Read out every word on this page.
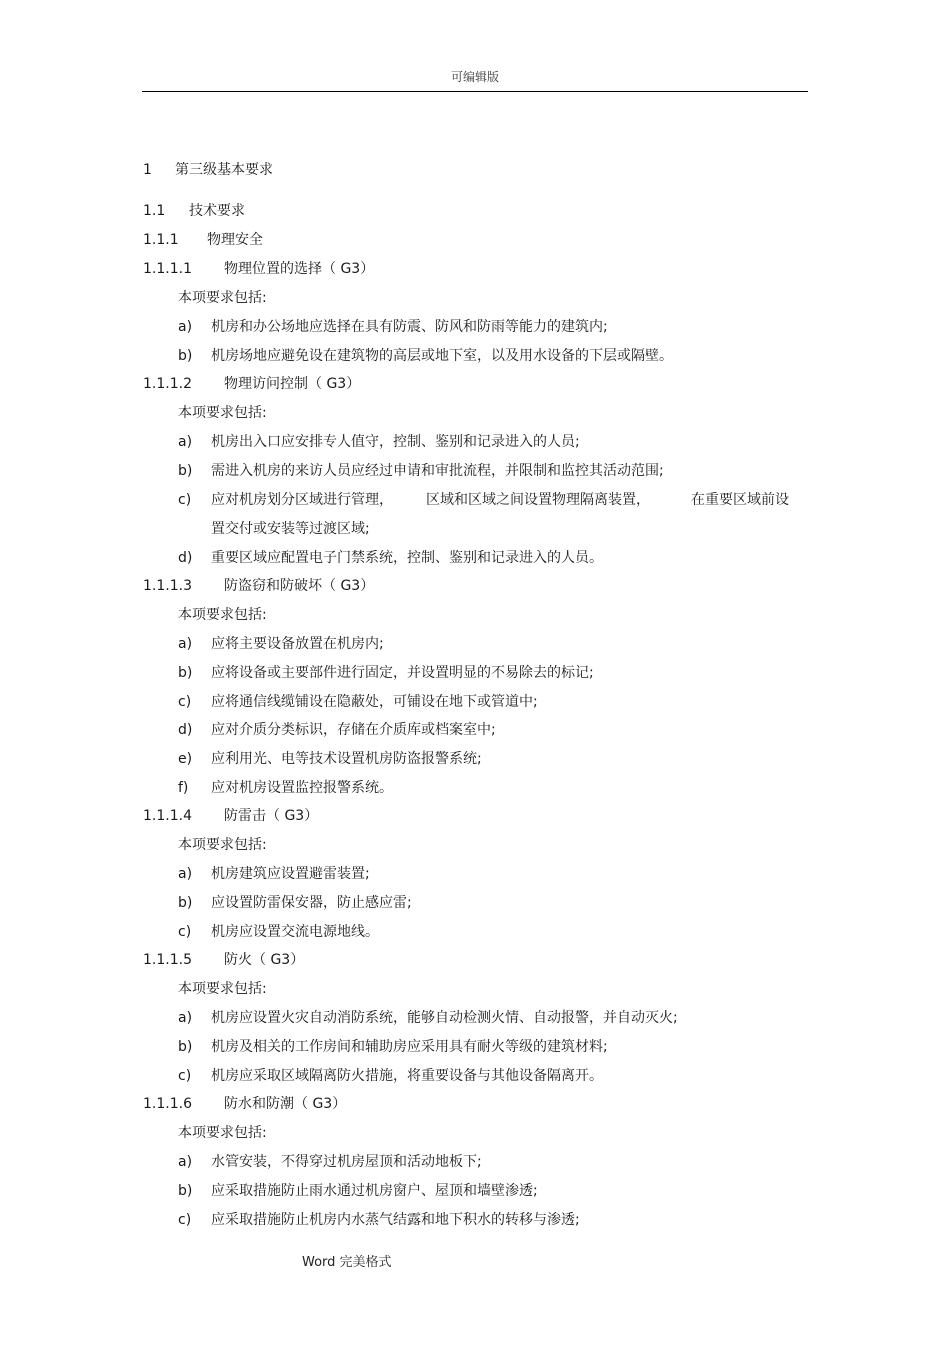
可编辑版
1 第三级基本要求
1.1 技术要求
1.1.1 物理安全
1.1.1.1 物理位置的选择（ G3）
本项要求包括:
a) 机房和办公场地应选择在具有防震、防风和防雨等能力的建筑内;
b) 机房场地应避免设在建筑物的高层或地下室，以及用水设备的下层或隔壁。
1.1.1.2 物理访问控制（ G3）
本项要求包括:
a) 机房出入口应安排专人值守，控制、鉴别和记录进入的人员;
b) 需进入机房的来访人员应经过申请和审批流程，并限制和监控其活动范围;
c) 应对机房划分区域进行管理， 区域和区域之间设置物理隔离装置，	在重要区域前设
置交付或安装等过渡区域;
d) 重要区域应配置电子门禁系统，控制、鉴别和记录进入的人员。
1.1.1.3 防盗窃和防破坏（ G3）
本项要求包括:
a) 应将主要设备放置在机房内;
b) 应将设备或主要部件进行固定，并设置明显的不易除去的标记;
c) 应将通信线缆铺设在隐蔽处，可铺设在地下或管道中;
d) 应对介质分类标识，存储在介质库或档案室中;
e) 应利用光、电等技术设置机房防盗报警系统;
f) 应对机房设置监控报警系统。
1.1.1.4 防雷击（ G3）
本项要求包括:
a) 机房建筑应设置避雷装置;
b) 应设置防雷保安器，防止感应雷;
c) 机房应设置交流电源地线。
1.1.1.5 防火（ G3）
本项要求包括:
a) 机房应设置火灾自动消防系统，能够自动检测火情、自动报警，并自动灭火;
b) 机房及相关的工作房间和辅助房应采用具有耐火等级的建筑材料;
c) 机房应采取区域隔离防火措施，将重要设备与其他设备隔离开。
1.1.1.6 防水和防潮（ G3）
本项要求包括:
a) 水管安装，不得穿过机房屋顶和活动地板下;
b) 应采取措施防止雨水通过机房窗户、屋顶和墙壁渗透;
c) 应采取措施防止机房内水蒸气结露和地下积水的转移与渗透;
Word 完美格式
